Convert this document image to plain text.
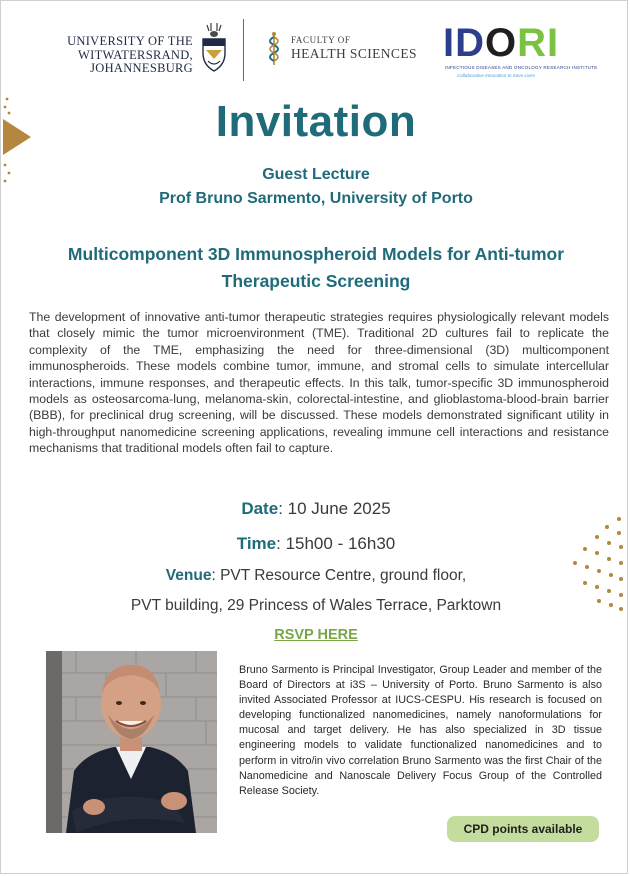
UNIVERSITY OF THE
WITWATERSRAND,
JOHANNESBURG
FACULTY OF
HEALTH SCIENCES IDORI
INFECTIOUS DISEASES AND ONCOLOGY RESEARCH INSTITUTE
Collaborative Innovation to Save Lives
Invitation
Guest Lecture
Prof Bruno Sarmento, University of Porto
Multicomponent 3D Immunospheroid Models for Anti-tumor
Therapeutic Screening
The development of innovative anti-tumor therapeutic strategies requires physiologically relevant models that closely mimic the tumor microenvironment (TME). Traditional 2D cultures fail to replicate the complexity of the TME, emphasizing the need for three-dimensional (3D) multicomponent immunospheroids. These models combine tumor, immune, and stromal cells to simulate intercellular interactions, immune responses, and therapeutic effects. In this talk, tumor-specific 3D immunospheroid models as osteosarcoma-lung, melanoma-skin, colorectal-intestine, and glioblastoma-blood-brain barrier (BBB), for preclinical drug screening, will be discussed. These models demonstrated significant utility in high-throughput nanomedicine screening applications, revealing immune cell interactions and resistance mechanisms that traditional models often fail to capture.
Date: 10 June 2025
Time: 15h00 - 16h30
Venue: PVT Resource Centre, ground floor,
PVT building, 29 Princess of Wales Terrace, Parktown
RSVP HERE
Bruno Sarmento is Principal Investigator, Group Leader and member of the Board of Directors at i3S – University of Porto. Bruno Sarmento is also invited Associated Professor at IUCS-CESPU. His research is focused on developing functionalized nanomedicines, namely nanoformulations for mucosal and target delivery. He has also specialized in 3D tissue engineering models to validate functionalized nanomedicines and to perform in vitro/in vivo correlation Bruno Sarmento was the first Chair of the Nanomedicine and Nanoscale Delivery Focus Group of the Controlled Release Society.
CPD points available
